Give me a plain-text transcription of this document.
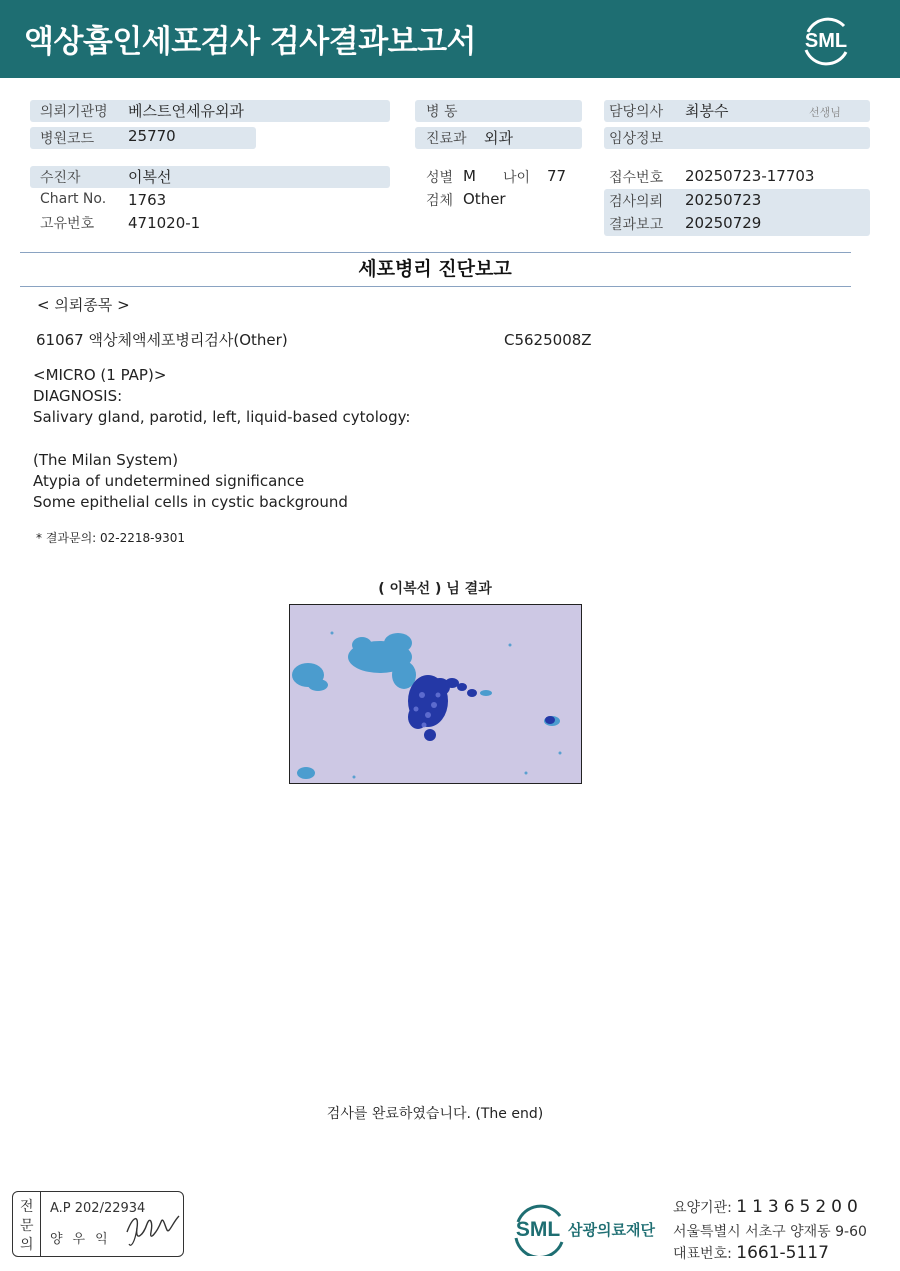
액상흡인세포검사 검사결과보고서	SML
의뢰기관명 베스트연세유외과
병원코드 25770
수진자	이복선
Chart No. 1763
고유번호 471020-1
병 동
진료과 외과
성별 M 나이 77
검체 Other
담당의사 최봉수	선생님
임상정보
접수번호 20250723-17703
검사의뢰 20250723
결과보고 20250729
세포병리 진단보고
< 의뢰종목 >
61067 액상체액세포병리검사(Other)	C5625008Z
<MICRO (1 PAP)>
DIAGNOSIS:
Salivary gland, parotid, left, liquid-based cytology:
(The Milan System)
Atypia of undetermined significance
Some epithelial cells in cystic background
* 결과문의: 02-2218-9301
( 이복선 ) 님 결과
검사를 완료하였습니다. (The end)
전
문
의
A.P 202/22934
양우익	SML 삼광의료재단
요양기관: 11365200
서울특별시 서초구 양재동 9-60
대표번호: 1661-5117
